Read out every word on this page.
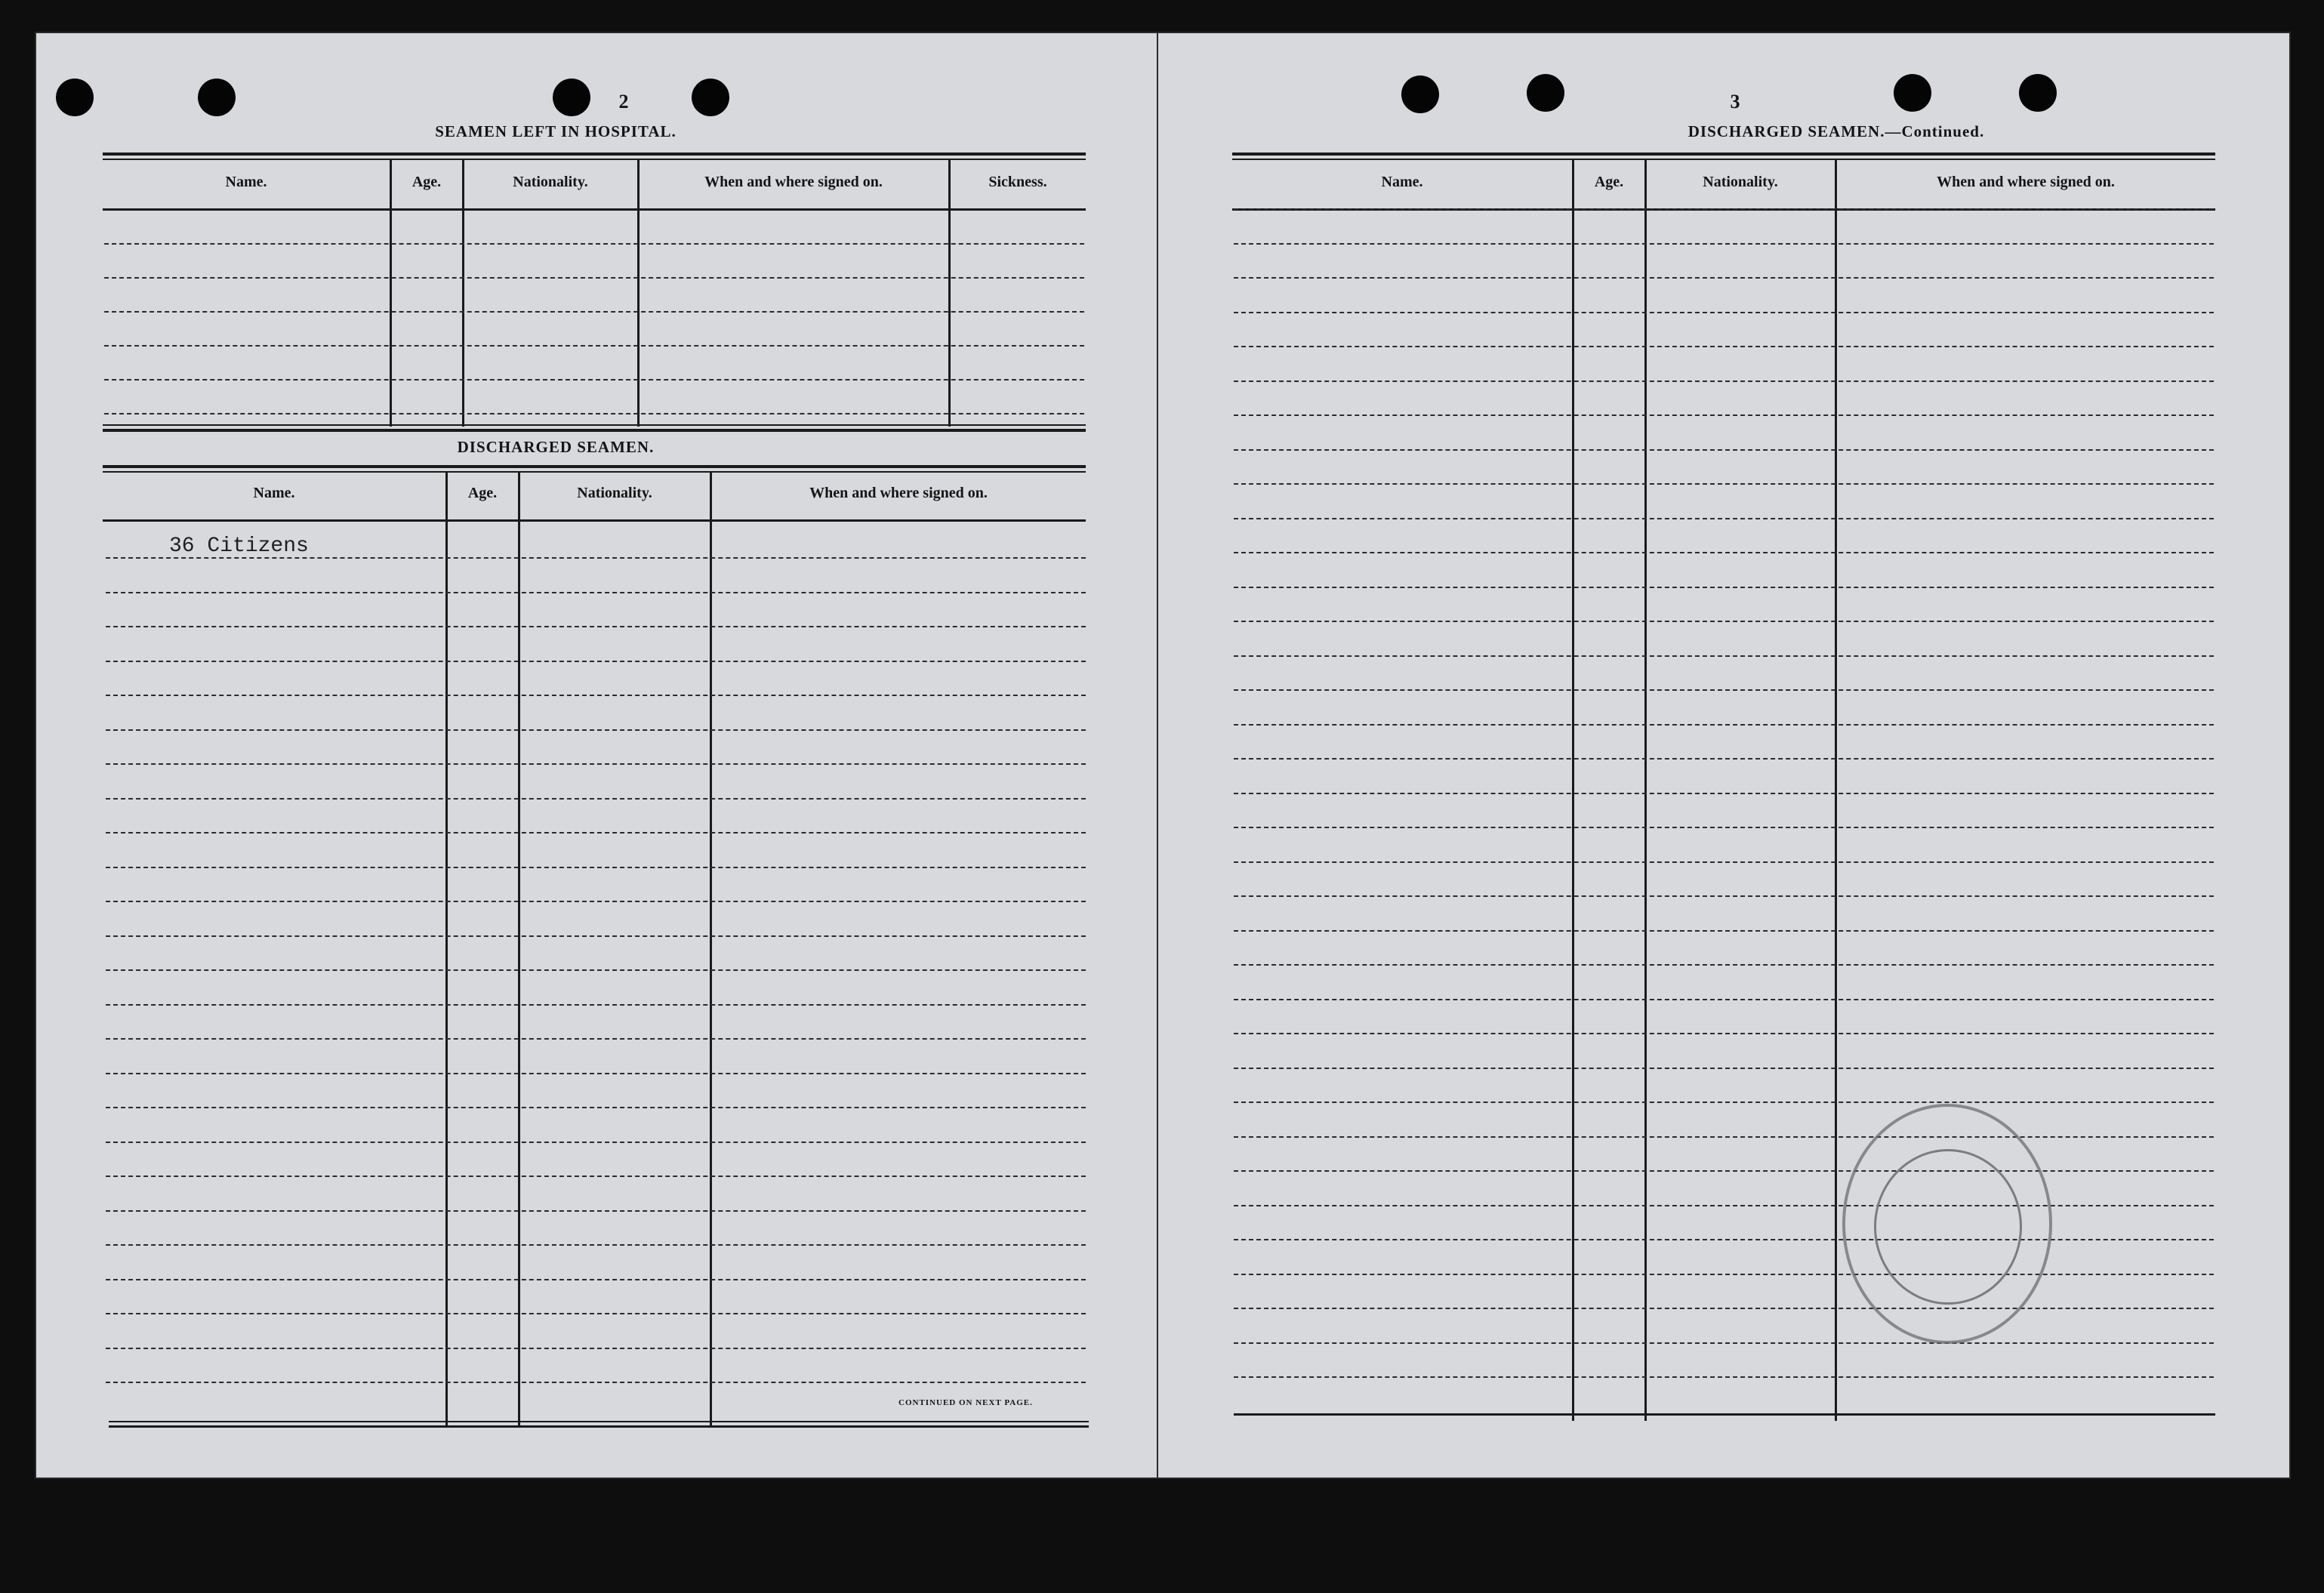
2
SEAMEN LEFT IN HOSPITAL.
Name.	Age.	Nationality.	When and where signed on.	Sickness.
DISCHARGED SEAMEN.
Name.	Age.	Nationality.	When and where signed on.
36 Citizens
CONTINUED ON NEXT PAGE.
3
DISCHARGED SEAMEN.—Continued.
Name.	Age.	Nationality.	When and where signed on.
